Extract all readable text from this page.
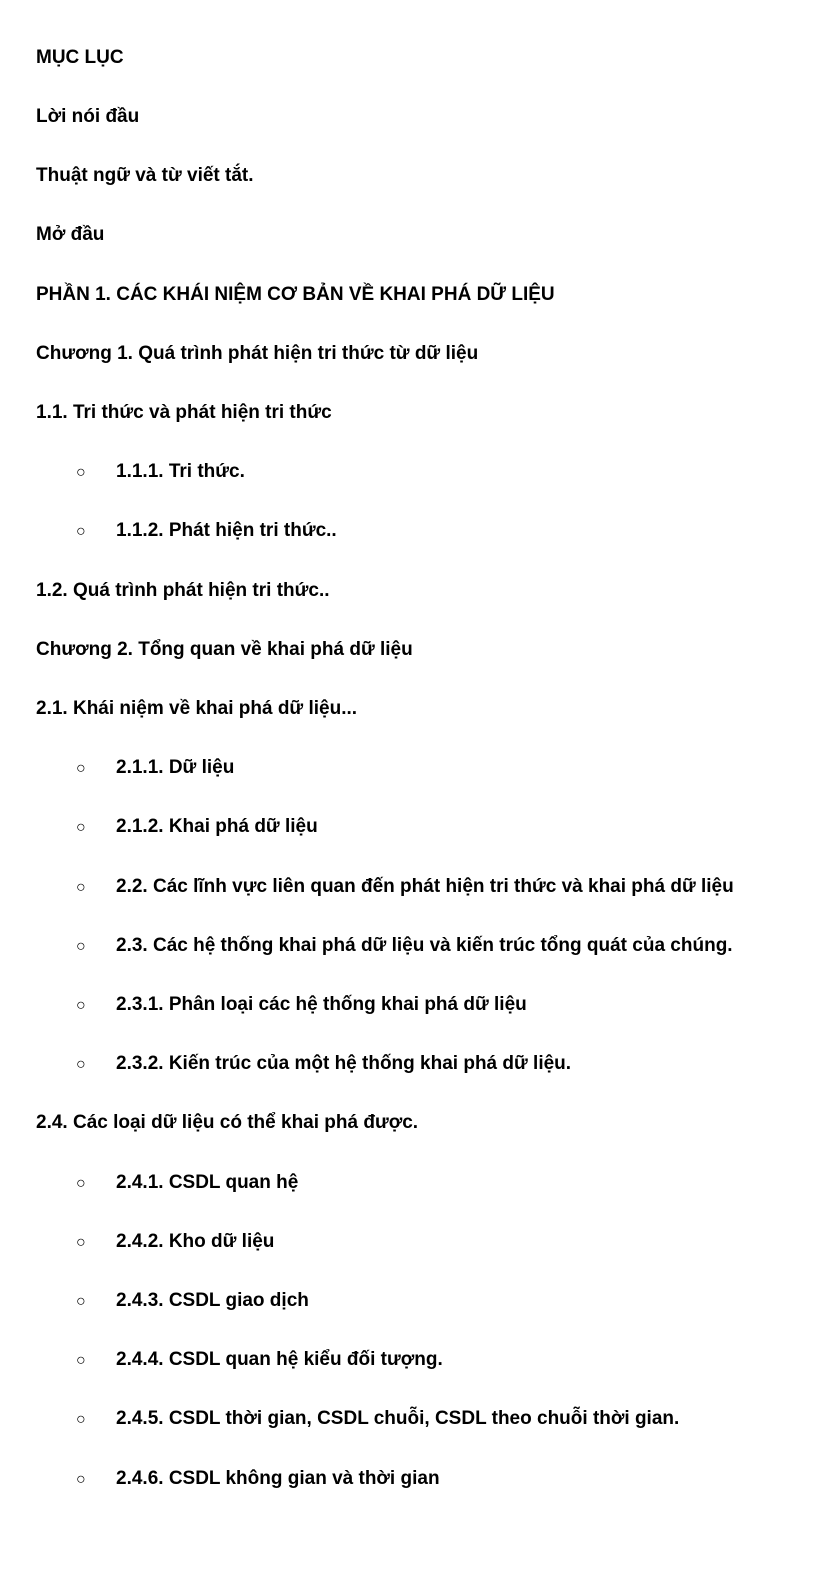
MỤC LỤC
Lời nói đầu
Thuật ngữ và từ viết tắt.
Mở đầu
PHẦN 1. CÁC KHÁI NIỆM CƠ BẢN VỀ KHAI PHÁ DỮ LIỆU
Chương 1. Quá trình phát hiện tri thức từ dữ liệu
1.1. Tri thức và phát hiện tri thức
○ 1.1.1. Tri thức.
○ 1.1.2. Phát hiện tri thức..
1.2. Quá trình phát hiện tri thức..
Chương 2. Tổng quan về khai phá dữ liệu
2.1. Khái niệm về khai phá dữ liệu...
○ 2.1.1. Dữ liệu
○ 2.1.2. Khai phá dữ liệu
○ 2.2. Các lĩnh vực liên quan đến phát hiện tri thức và khai phá dữ liệu
○ 2.3. Các hệ thống khai phá dữ liệu và kiến trúc tổng quát của chúng.
○ 2.3.1. Phân loại các hệ thống khai phá dữ liệu
○ 2.3.2. Kiến trúc của một hệ thống khai phá dữ liệu.
2.4. Các loại dữ liệu có thể khai phá được.
○ 2.4.1. CSDL quan hệ
○ 2.4.2. Kho dữ liệu
○ 2.4.3. CSDL giao dịch
○ 2.4.4. CSDL quan hệ kiểu đối tượng.
○ 2.4.5. CSDL thời gian, CSDL chuỗi, CSDL theo chuỗi thời gian.
○ 2.4.6. CSDL không gian và thời gian
